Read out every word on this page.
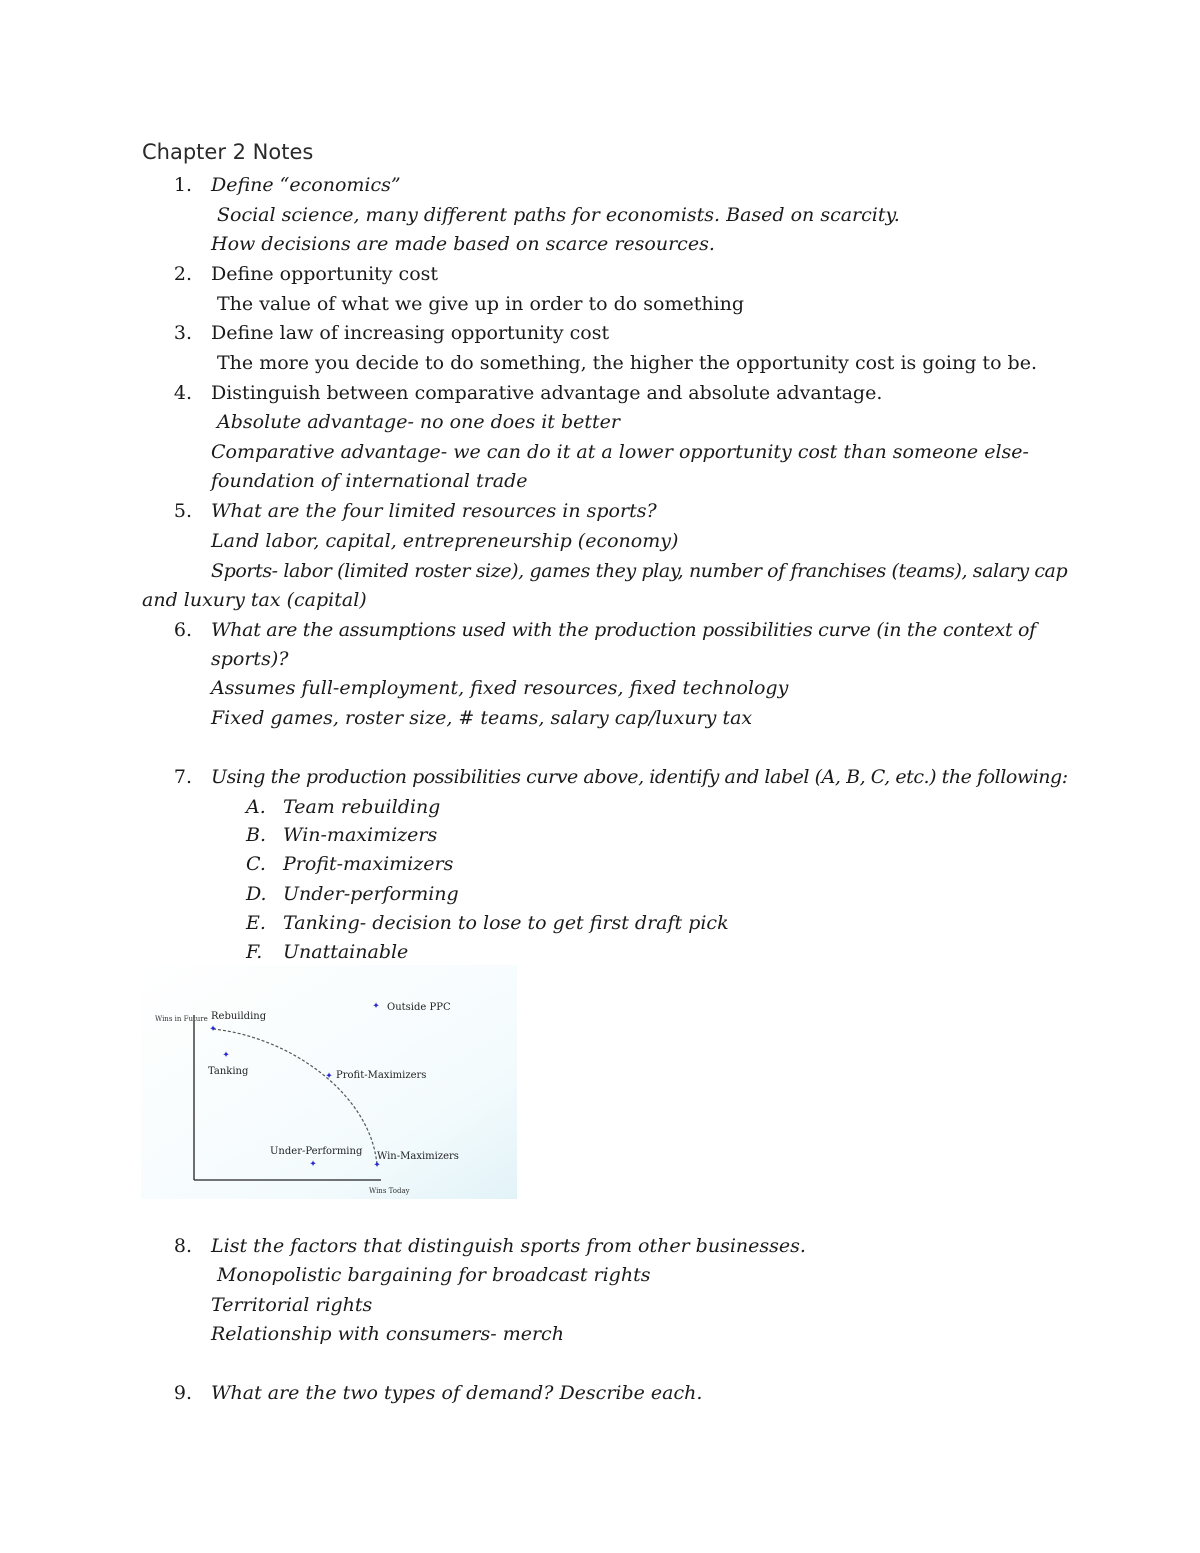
Chapter 2 Notes
1. Define “economics”
Social science, many different paths for economists. Based on scarcity.
How decisions are made based on scarce resources.
2. Define opportunity cost
The value of what we give up in order to do something
3. Define law of increasing opportunity cost
The more you decide to do something, the higher the opportunity cost is going to be.
4. Distinguish between comparative advantage and absolute advantage.
Absolute advantage- no one does it better
Comparative advantage- we can do it at a lower opportunity cost than someone else-
foundation of international trade
5. What are the four limited resources in sports?
Land labor, capital, entrepreneurship (economy)
Sports- labor (limited roster size), games they play, number of franchises (teams), salary cap
and luxury tax (capital)
6. What are the assumptions used with the production possibilities curve (in the context of
sports)?
Assumes full-employment, fixed resources, fixed technology
Fixed games, roster size, # teams, salary cap/luxury tax
7. Using the production possibilities curve above, identify and label (A, B, C, etc.) the following:
A. Team rebuilding
B. Win-maximizers
C. Profit-maximizers
D. Under-performing
E. Tanking- decision to lose to get first draft pick
F. Unattainable
Wins in Future
Wins Today
✦
Rebuilding
✦
Tanking	✦ Profit-Maximizers
✦
Under-Performing
✦
Win-Maximizers
✦ Outside PPC
8. List the factors that distinguish sports from other businesses.
Monopolistic bargaining for broadcast rights
Territorial rights
Relationship with consumers- merch
9. What are the two types of demand? Describe each.
